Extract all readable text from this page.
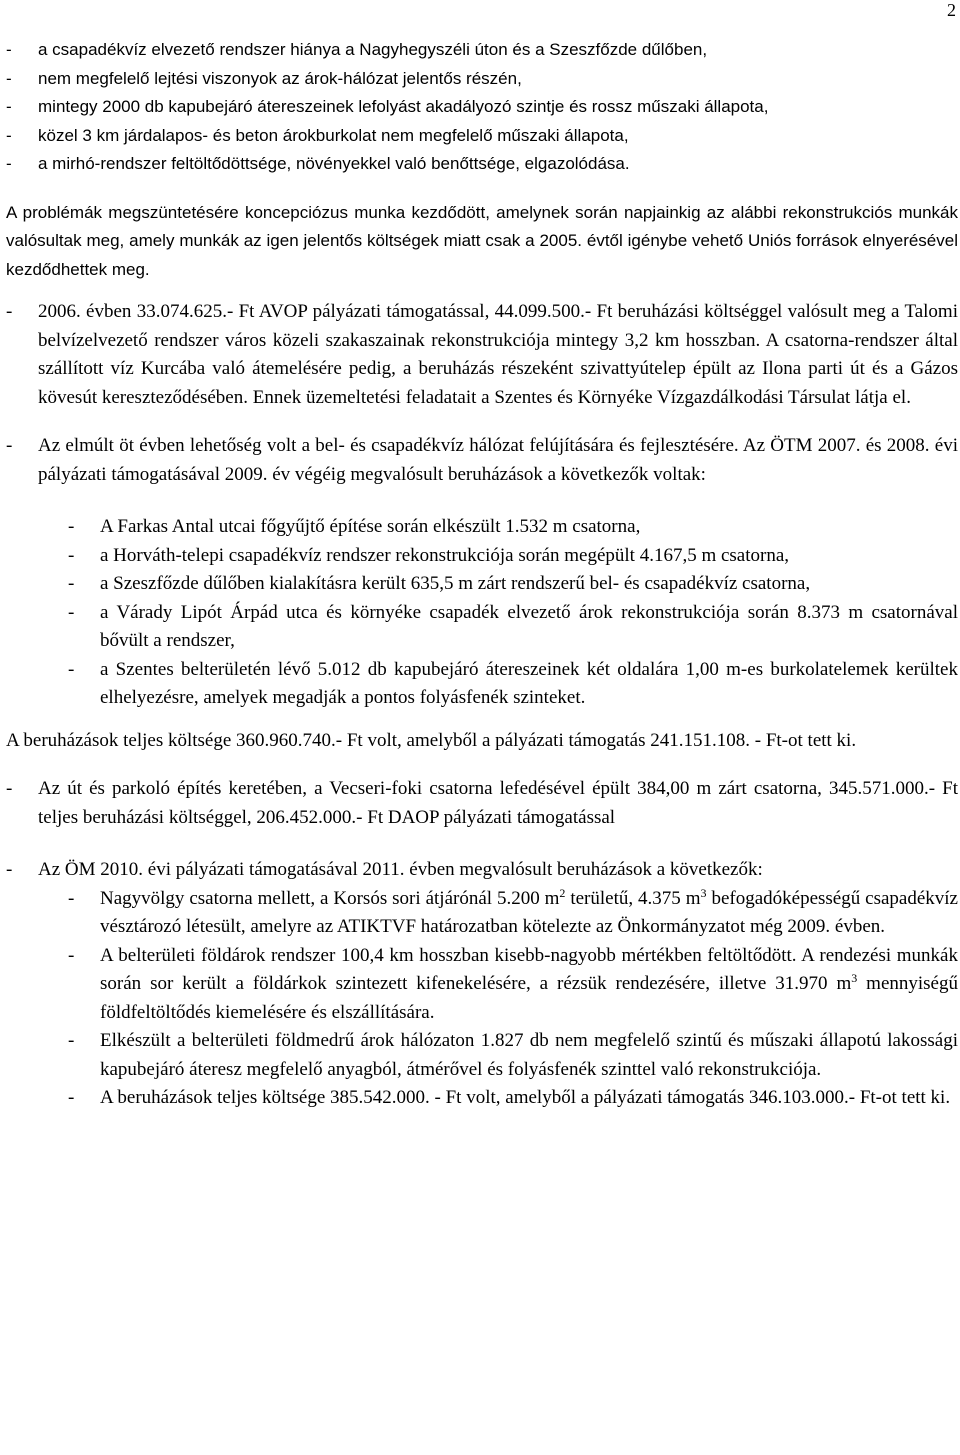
2
- a csapadékvíz elvezető rendszer hiánya a Nagyhegyszéli úton és a Szeszfőzde dűlőben,
- nem megfelelő lejtési viszonyok az árok-hálózat jelentős részén,
- mintegy 2000 db kapubejáró átereszeinek lefolyást akadályozó szintje és rossz műszaki állapota,
- közel 3 km járdalapos- és beton árokburkolat nem megfelelő műszaki állapota,
- a mirhó-rendszer feltöltődöttsége, növényekkel való benőttsége, elgazolódása.

A problémák megszüntetésére koncepciózus munka kezdődött, amelynek során napjainkig az alábbi rekonstrukciós munkák valósultak meg, amely munkák az igen jelentős költségek miatt csak a 2005. évtől igénybe vehető Uniós források elnyerésével kezdődhettek meg.

- 2006. évben 33.074.625.- Ft AVOP pályázati támogatással, 44.099.500.- Ft beruházási költséggel valósult meg a Talomi belvízelvezető rendszer város közeli szakaszainak rekonstrukciója mintegy 3,2 km hosszban. A csatorna-rendszer által szállított víz Kurcába való átemelésére pedig, a beruházás részeként szivattyútelep épült az Ilona parti út és a Gázos kövesút kereszteződésében. Ennek üzemeltetési feladatait a Szentes és Környéke Vízgazdálkodási Társulat látja el.
- Az elmúlt öt évben lehetőség volt a bel- és csapadékvíz hálózat felújítására és fejlesztésére. Az ÖTM 2007. és 2008. évi pályázati támogatásával 2009. év végéig megvalósult beruházások a következők voltak:
- A Farkas Antal utcai főgyűjtő építése során elkészült 1.532 m csatorna,
- a Horváth-telepi csapadékvíz rendszer rekonstrukciója során megépült 4.167,5 m csatorna,
- a Szeszfőzde dűlőben kialakításra került 635,5 m zárt rendszerű bel- és csapadékvíz csatorna,
- a Várady Lipót Árpád utca és környéke csapadék elvezető árok rekonstrukciója során 8.373 m csatornával bővült a rendszer,
- a Szentes belterületén lévő 5.012 db kapubejáró átereszeinek két oldalára 1,00 m-es burkolatelemek kerültek elhelyezésre, amelyek megadják a pontos folyásfenék szinteket.

A beruházások teljes költsége 360.960.740.- Ft volt, amelyből a pályázati támogatás 241.151.108. - Ft-ot tett ki.

- Az út és parkoló építés keretében, a Vecseri-foki csatorna lefedésével épült 384,00 m zárt csatorna, 345.571.000.- Ft teljes beruházási költséggel, 206.452.000.- Ft DAOP pályázati támogatással
- Az ÖM 2010. évi pályázati támogatásával 2011. évben megvalósult beruházások a következők:
- Nagyvölgy csatorna mellett, a Korsós sori átjárónál 5.200 $m^2$ területű, 4.375 $m^3$ befogadóképességű csapadékvíz vésztározó létesült, amelyre az ATIKTVF határozatban kötelezte az Önkormányzatot még 2009. évben.
- A belterületi földárok rendszer 100,4 km hosszban kisebb-nagyobb mértékben feltöltődött. A rendezési munkák során sor került a földárkok szintezett kifenekelésére, a rézsük rendezésére, illetve 31.970 $m^3$ mennyiségű földfeltöltődés kiemelésére és elszállítására.
- Elkészült a belterületi földmedrű árok hálózaton 1.827 db nem megfelelő szintű és műszaki állapotú lakossági kapubejáró áteresz megfelelő anyagból, átmérővel és folyásfenék szinttel való rekonstrukciója.
- A beruházások teljes költsége 385.542.000. - Ft volt, amelyből a pályázati támogatás 346.103.000.- Ft-ot tett ki.
